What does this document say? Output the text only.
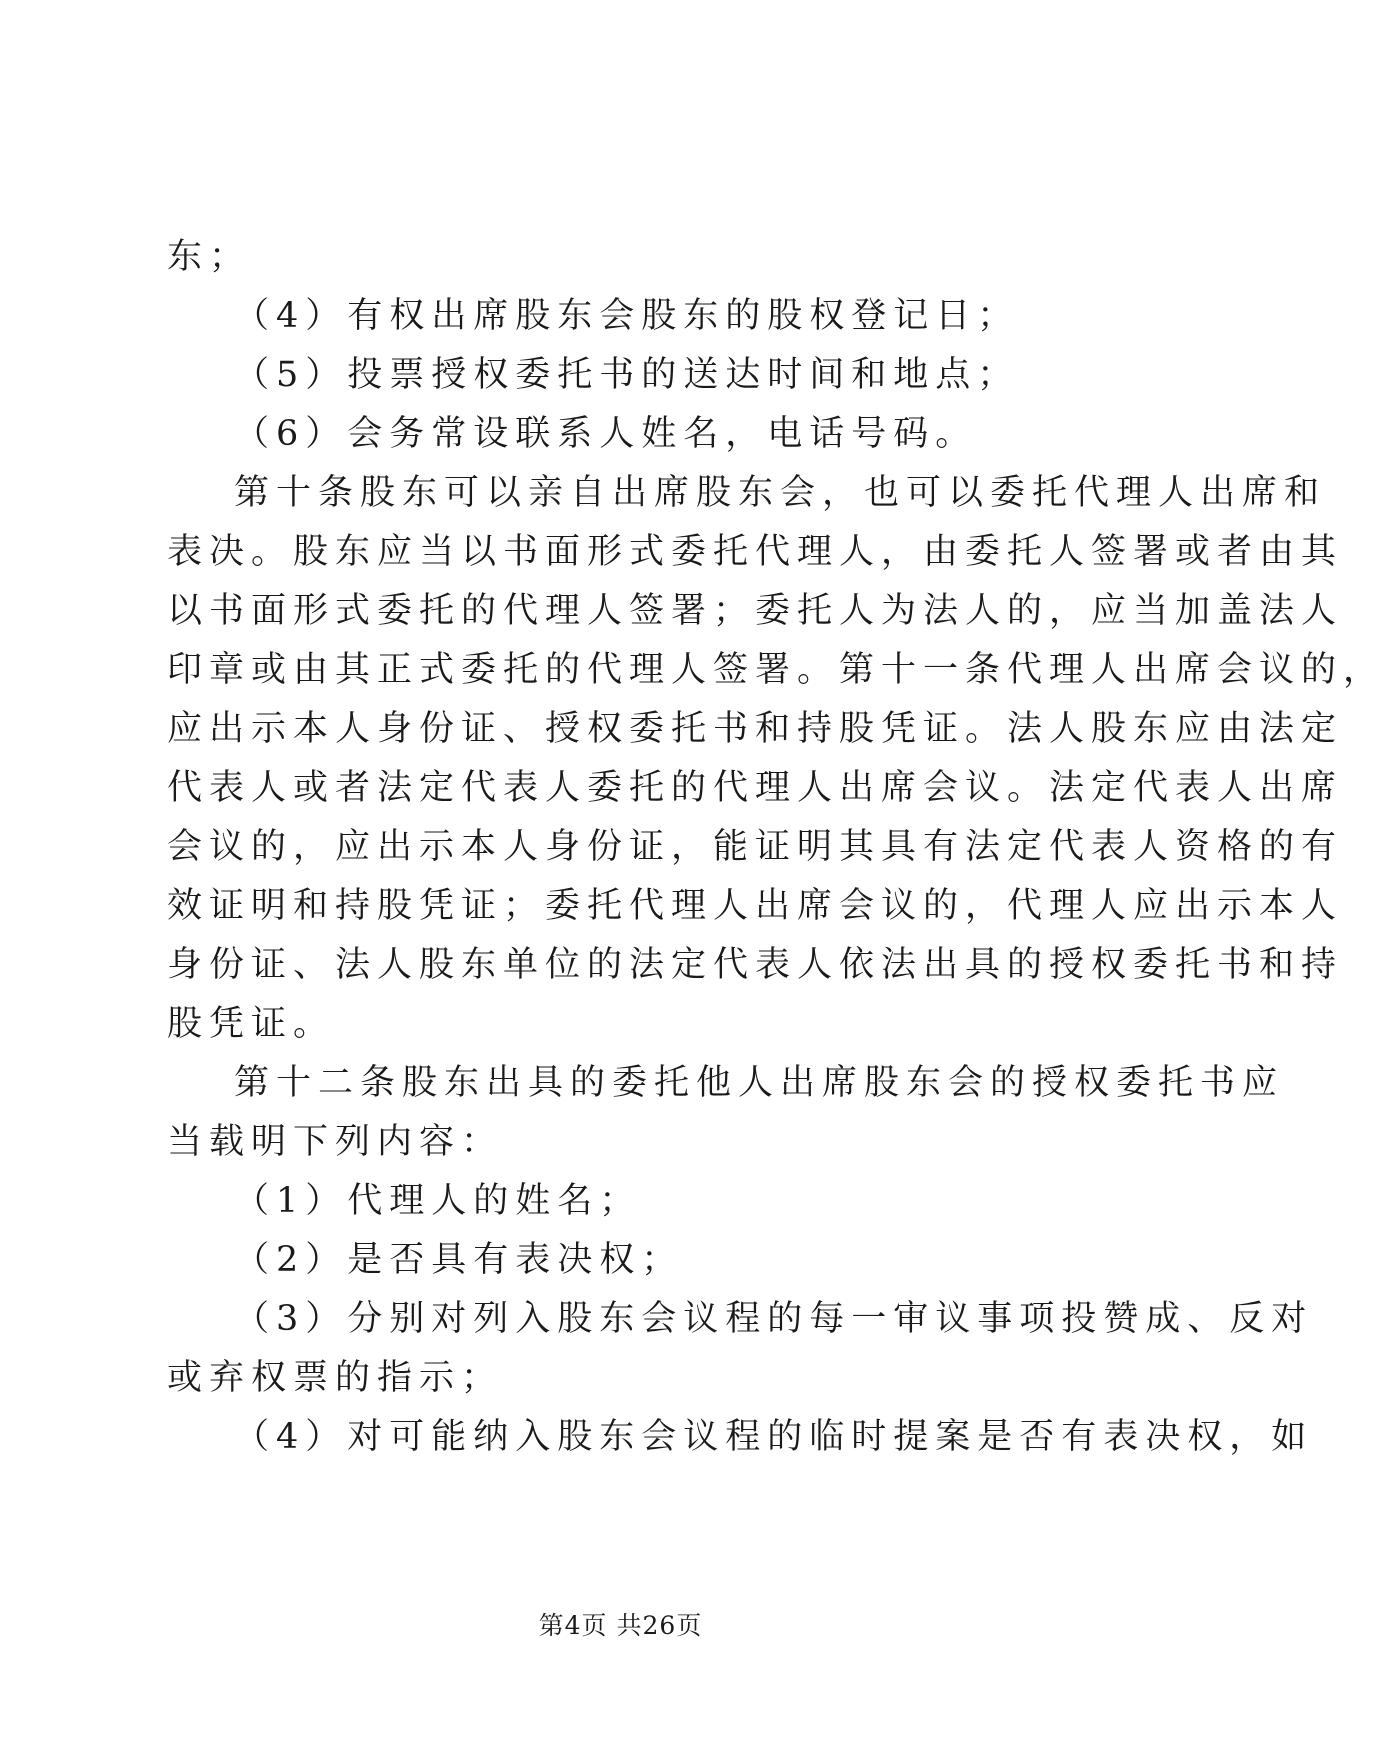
东；
（4）有权出席股东会股东的股权登记日；
（5）投票授权委托书的送达时间和地点；
（6）会务常设联系人姓名，电话号码。
第十条股东可以亲自出席股东会，也可以委托代理人出席和
表决。股东应当以书面形式委托代理人，由委托人签署或者由其
以书面形式委托的代理人签署；委托人为法人的，应当加盖法人
印章或由其正式委托的代理人签署。第十一条代理人出席会议的，
应出示本人身份证、授权委托书和持股凭证。法人股东应由法定
代表人或者法定代表人委托的代理人出席会议。法定代表人出席
会议的，应出示本人身份证，能证明其具有法定代表人资格的有
效证明和持股凭证；委托代理人出席会议的，代理人应出示本人
身份证、法人股东单位的法定代表人依法出具的授权委托书和持
股凭证。
第十二条股东出具的委托他人出席股东会的授权委托书应
当载明下列内容：
（1）代理人的姓名；
（2）是否具有表决权；
（3）分别对列入股东会议程的每一审议事项投赞成、反对
或弃权票的指示；
（4）对可能纳入股东会议程的临时提案是否有表决权，如
第4页 共26页
